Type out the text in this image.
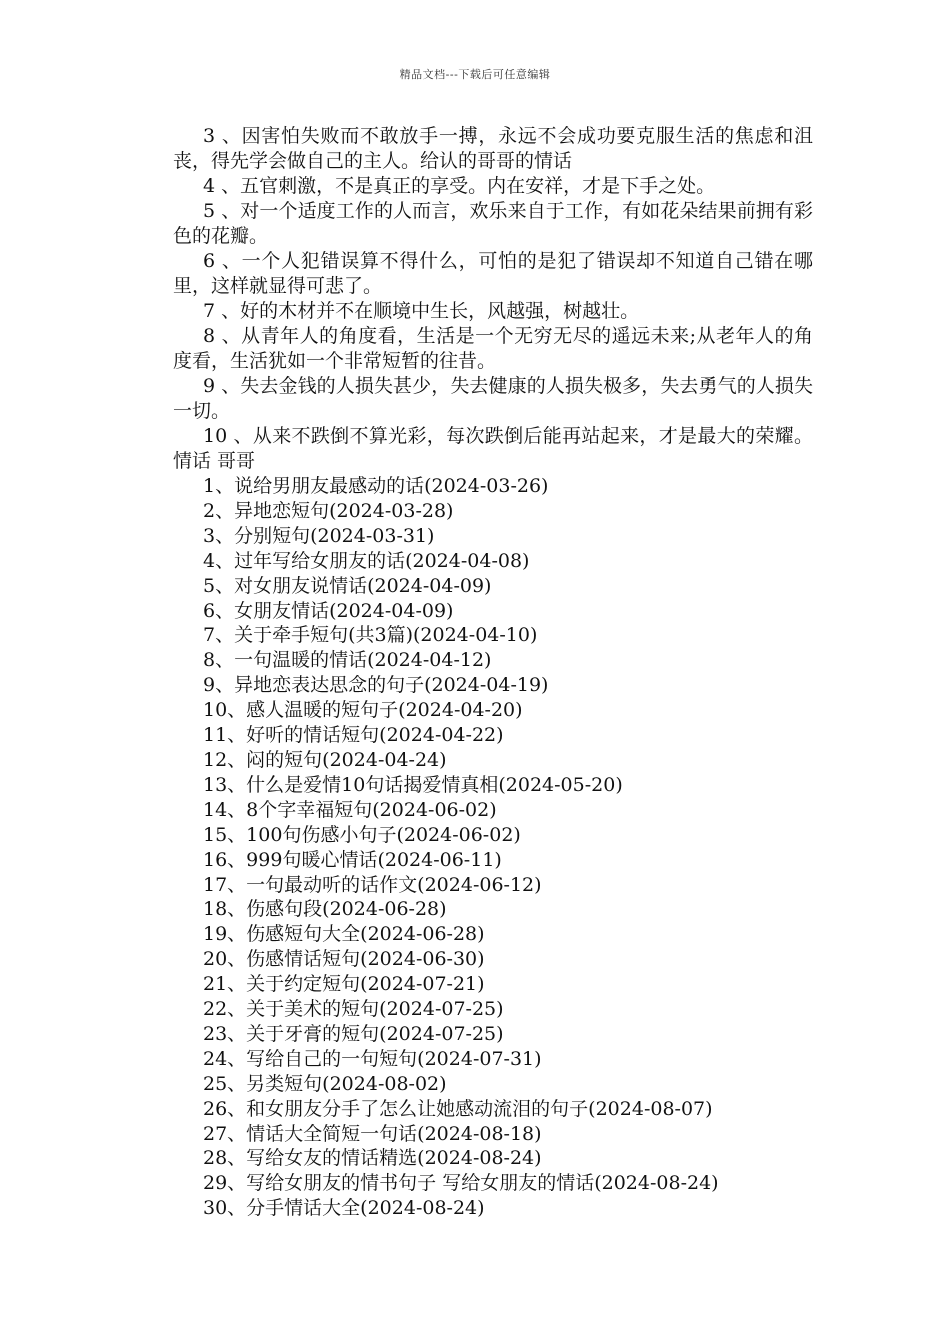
精品文档---下载后可任意编辑

3 、因害怕失败而不敢放手一搏，永远不会成功要克服生活的焦虑和沮丧，得先学会做自己的主人。给认的哥哥的情话

4 、五官刺激，不是真正的享受。内在安祥，才是下手之处。

5 、对一个适度工作的人而言，欢乐来自于工作，有如花朵结果前拥有彩色的花瓣。

6 、一个人犯错误算不得什么，可怕的是犯了错误却不知道自己错在哪里，这样就显得可悲了。

7 、好的木材并不在顺境中生长，风越强，树越壮。

8 、从青年人的角度看，生活是一个无穷无尽的遥远未来;从老年人的角度看，生活犹如一个非常短暂的往昔。

9 、失去金钱的人损失甚少，失去健康的人损失极多，失去勇气的人损失一切。

10 、从来不跌倒不算光彩，每次跌倒后能再站起来，才是最大的荣耀。情话 哥哥

1、说给男朋友最感动的话(2024-03-26)
2、异地恋短句(2024-03-28)
3、分别短句(2024-03-31)
4、过年写给女朋友的话(2024-04-08)
5、对女朋友说情话(2024-04-09)
6、女朋友情话(2024-04-09)
7、关于牵手短句(共3篇)(2024-04-10)
8、一句温暖的情话(2024-04-12)
9、异地恋表达思念的句子(2024-04-19)
10、感人温暖的短句子(2024-04-20)
11、好听的情话短句(2024-04-22)
12、闷的短句(2024-04-24)
13、什么是爱情10句话揭爱情真相(2024-05-20)
14、8个字幸福短句(2024-06-02)
15、100句伤感小句子(2024-06-02)
16、999句暖心情话(2024-06-11)
17、一句最动听的话作文(2024-06-12)
18、伤感句段(2024-06-28)
19、伤感短句大全(2024-06-28)
20、伤感情话短句(2024-06-30)
21、关于约定短句(2024-07-21)
22、关于美术的短句(2024-07-25)
23、关于牙膏的短句(2024-07-25)
24、写给自己的一句短句(2024-07-31)
25、另类短句(2024-08-02)
26、和女朋友分手了怎么让她感动流泪的句子(2024-08-07)
27、情话大全简短一句话(2024-08-18)
28、写给女友的情话精选(2024-08-24)
29、写给女朋友的情书句子 写给女朋友的情话(2024-08-24)
30、分手情话大全(2024-08-24)
